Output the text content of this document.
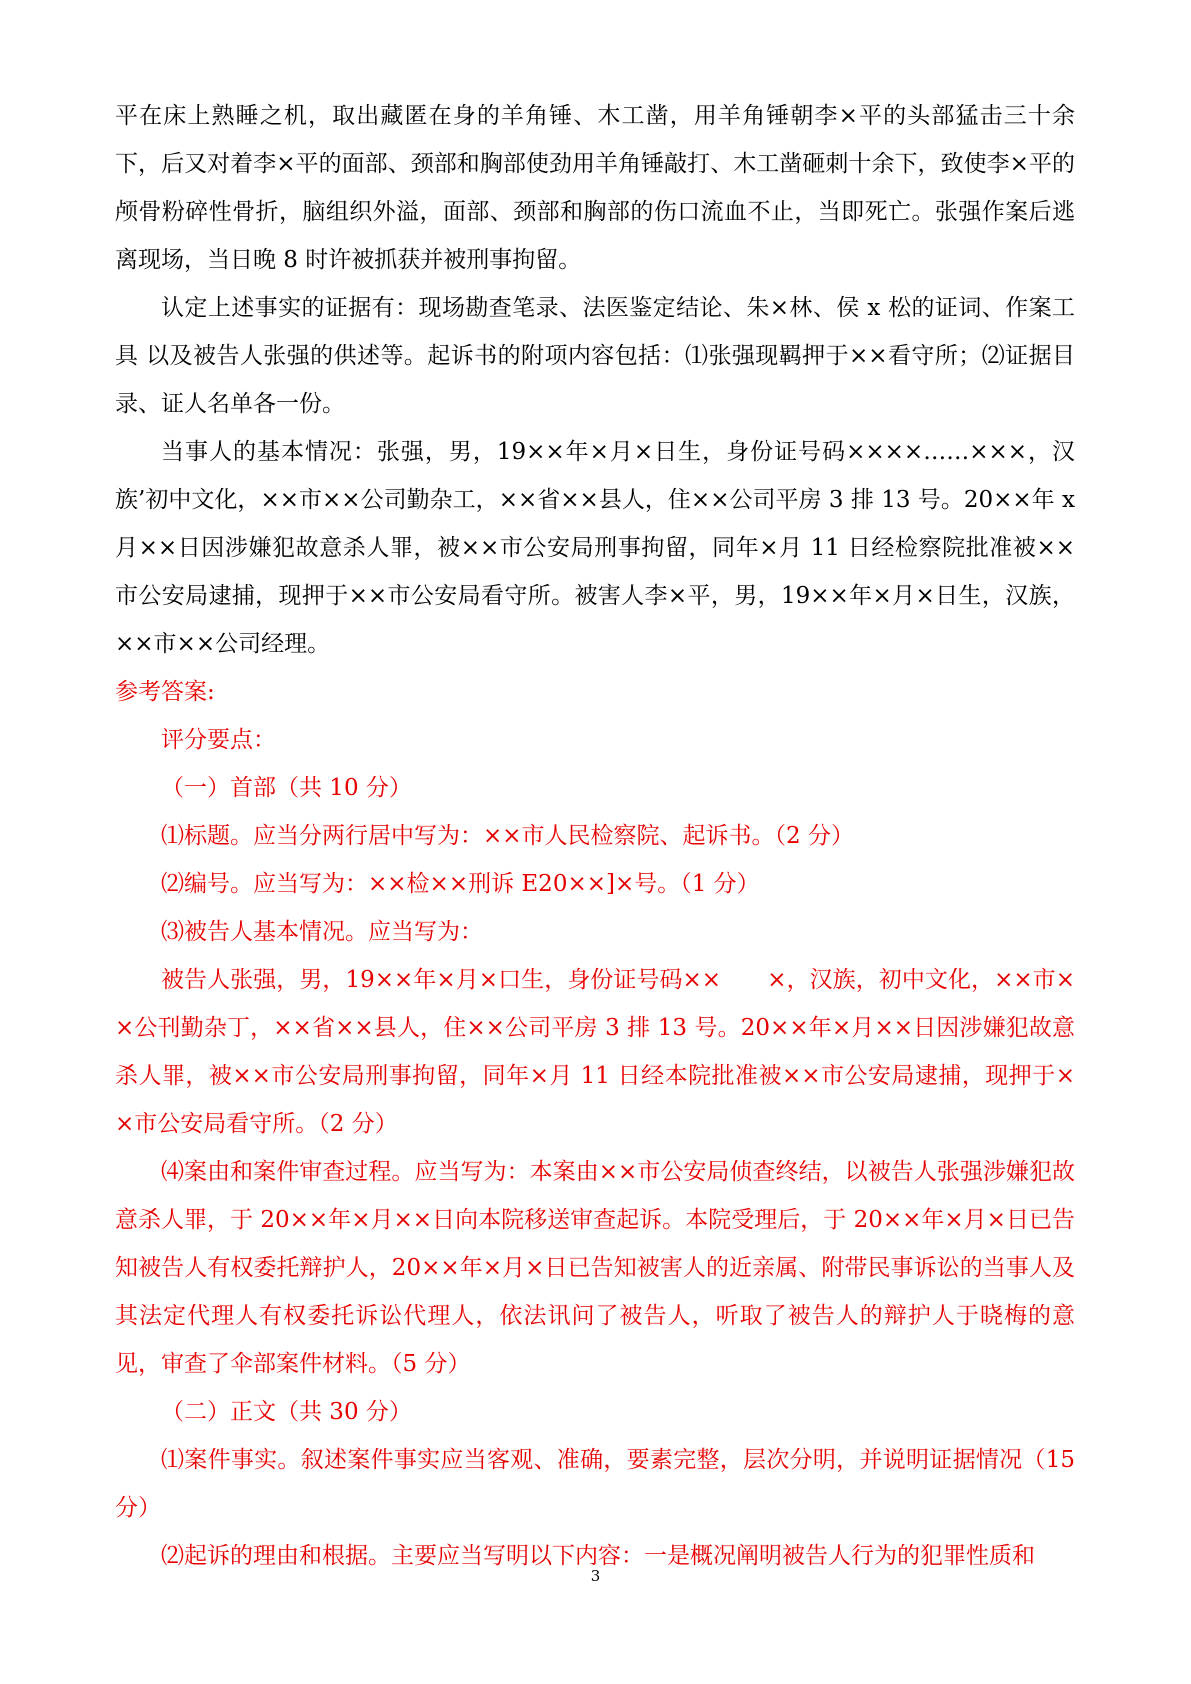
平在床上熟睡之机，取出藏匿在身的羊角锤、木工凿，用羊角锤朝李×平的头部猛击三十余下，后又对着李×平的面部、颈部和胸部使劲用羊角锤敲打、木工凿砸刺十余下，致使李×平的颅骨粉碎性骨折，脑组织外溢，面部、颈部和胸部的伤口流血不止，当即死亡。张强作案后逃离现场，当日晚 8 时许被抓获并被刑事拘留。

认定上述事实的证据有：现场勘查笔录、法医鉴定结论、朱×林、侯 x 松的证词、作案工具 以及被告人张强的供述等。起诉书的附项内容包括：⑴张强现羁押于××看守所；⑵证据目录、证人名单各一份。

当事人的基本情况：张强，男，19××年×月×日生，身份证号码××××……×××，汉 族’初中文化，××市××公司勤杂工，××省××县人，住××公司平房 3 排 13 号。20××年 x 月××日因涉嫌犯故意杀人罪，被××市公安局刑事拘留，同年×月 11 日经检察院批准被××市公安局逮捕，现押于××市公安局看守所。被害人李×平，男，19××年×月×日生，汉族，××市××公司经理。

参考答案:

评分要点：

（一）首部（共 10 分）

⑴标题。应当分两行居中写为：××市人民检察院、起诉书。（2 分）

⑵编号。应当写为：××检××刑诉 E20××]×号。（1 分）

⑶被告人基本情况。应当写为：

被告人张强，男，19××年×月×口生，身份证号码××　　×，汉族，初中文化，××市××公刊勤杂丁，××省××县人，住××公司平房 3 排 13 号。20××年×月××日因涉嫌犯故意杀人罪，被××市公安局刑事拘留，同年×月 11 日经本院批准被××市公安局逮捕，现押于××市公安局看守所。（2 分）

⑷案由和案件审查过程。应当写为：本案由××市公安局侦查终结，以被告人张强涉嫌犯故意杀人罪，于 20××年×月××日向本院移送审查起诉。本院受理后，于 20××年×月×日已告知被告人有权委托辩护人，20××年×月×日已告知被害人的近亲属、附带民事诉讼的当事人及其法定代理人有权委托诉讼代理人，依法讯问了被告人，听取了被告人的辩护人于晓梅的意见，审查了伞部案件材料。（5 分）

（二）正文（共 30 分）

⑴案件事实。叙述案件事实应当客观、准确，要素完整，层次分明，并说明证据情况（15 分）

⑵起诉的理由和根据。主要应当写明以下内容：一是概况阐明被告人行为的犯罪性质和

3
